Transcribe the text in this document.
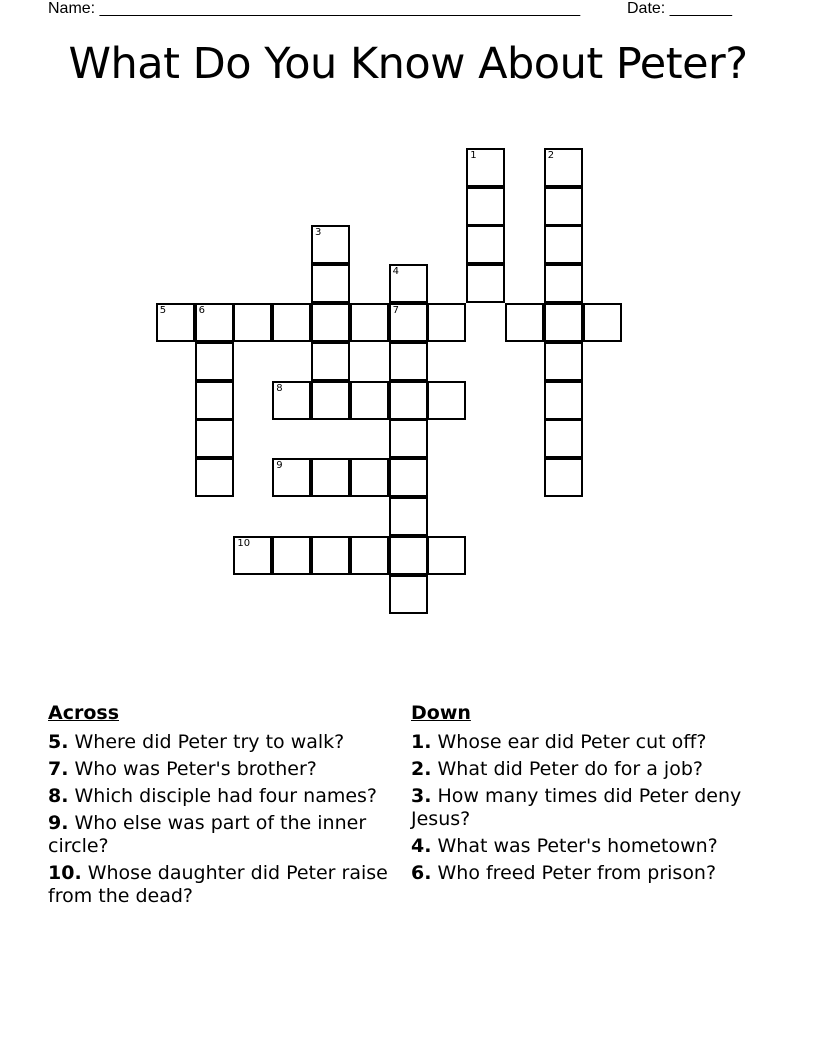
Name: ______________________________________________________	Date: _______
What Do You Know About Peter?
1	2
3
4
7
5	6
8
9
10
Across
5. Where did Peter try to walk?
7. Who was Peter's brother?
8. Which disciple had four names?
9. Who else was part of the inner circle?
10. Whose daughter did Peter raise from the dead?
Down
1. Whose ear did Peter cut off?
2. What did Peter do for a job?
3. How many times did Peter deny Jesus?
4. What was Peter's hometown?
6. Who freed Peter from prison?
